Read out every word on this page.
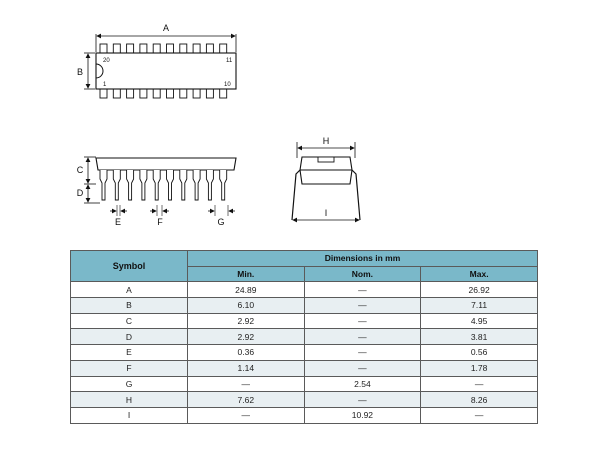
A
20	11
1	10
B
C
D
E	F	G
H
I
Symbol	Dimensions in mm		
	Min.	Nom.	Max.
A	24.89	—	26.92
B	6.10	—	7.11
C	2.92	—	4.95
D	2.92	—	3.81
E	0.36	—	0.56
F	1.14	—	1.78
G	—	2.54	—
H	7.62	—	8.26
I	—	10.92	—
